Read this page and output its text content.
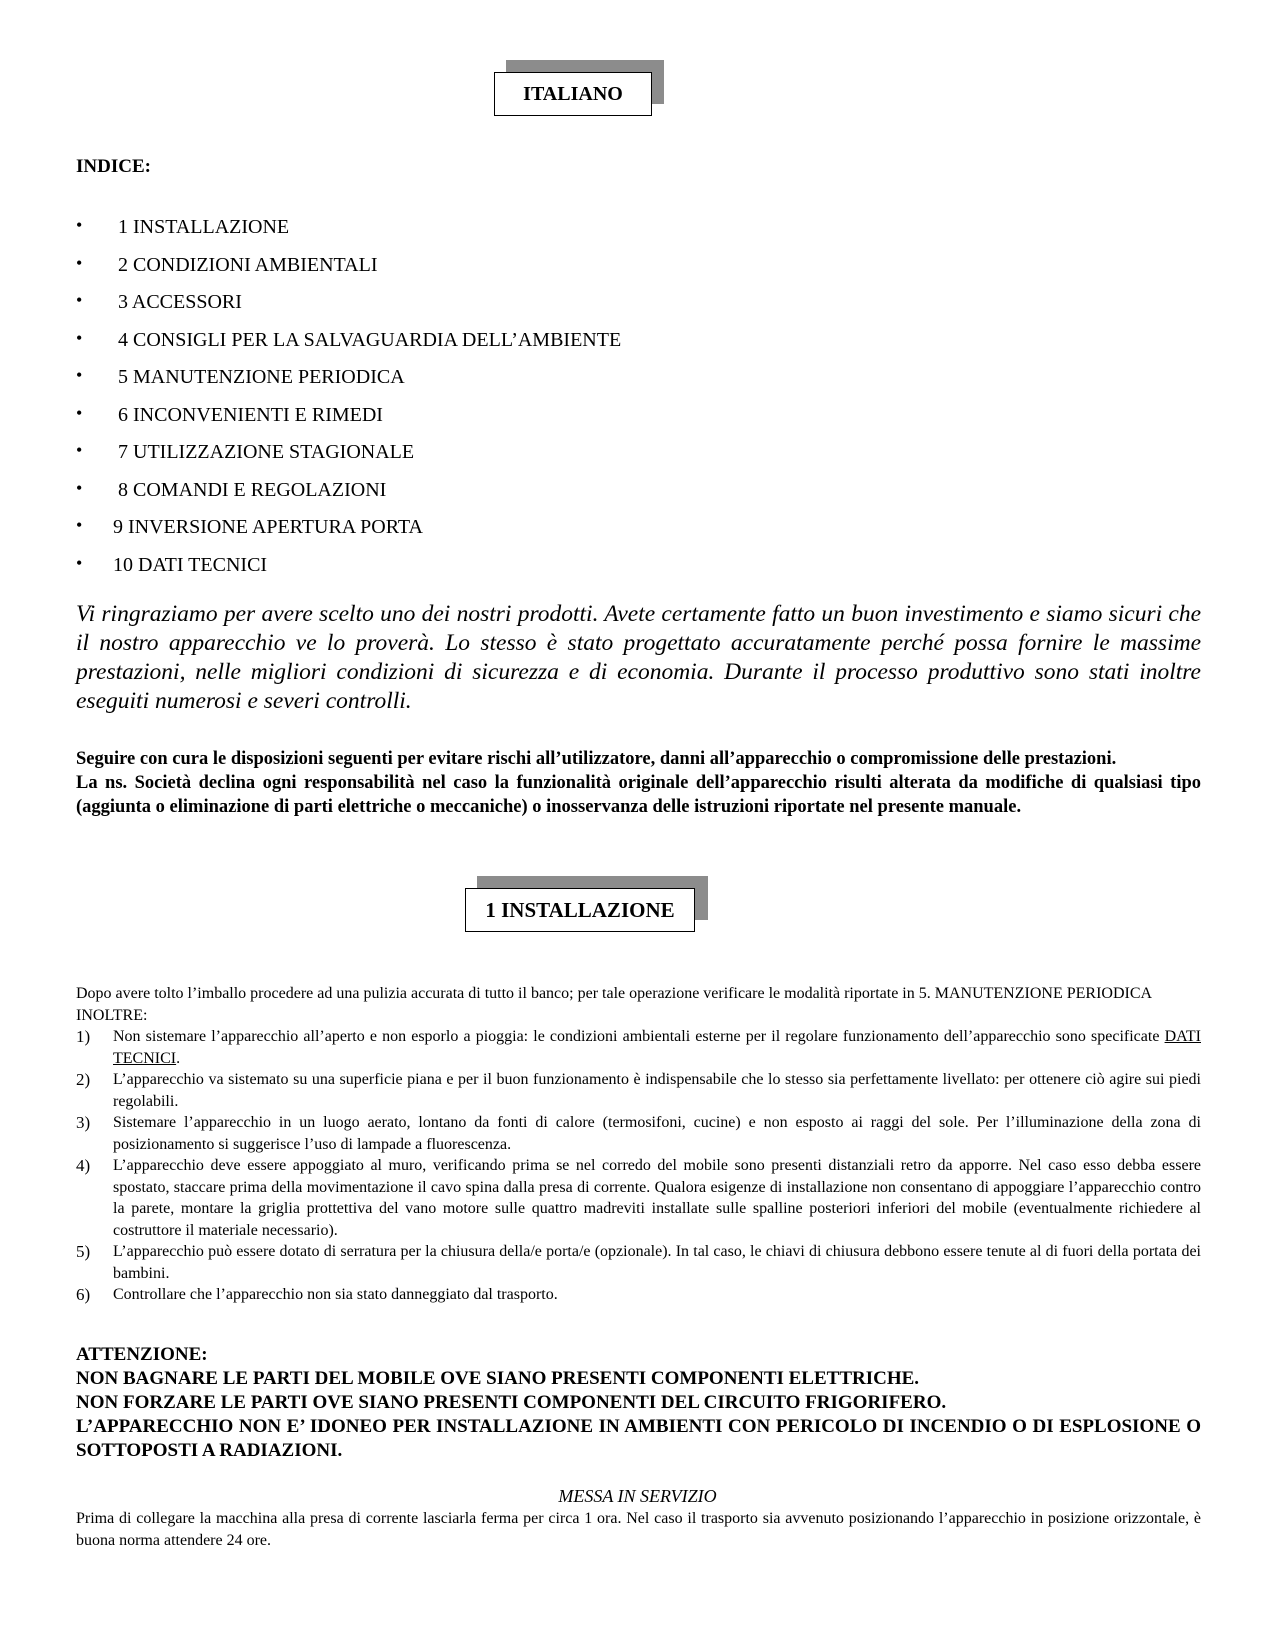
ITALIANO
INDICE:
• 1 INSTALLAZIONE
• 2 CONDIZIONI AMBIENTALI
• 3 ACCESSORI
• 4 CONSIGLI PER LA SALVAGUARDIA DELL’AMBIENTE
• 5 MANUTENZIONE PERIODICA
• 6 INCONVENIENTI E RIMEDI
• 7 UTILIZZAZIONE STAGIONALE
• 8 COMANDI E REGOLAZIONI
• 9 INVERSIONE APERTURA PORTA
• 10 DATI TECNICI
Vi ringraziamo per avere scelto uno dei nostri prodotti. Avete certamente fatto un buon investimento e siamo sicuri che il nostro apparecchio ve lo proverà. Lo stesso è stato progettato accuratamente perché possa fornire le massime prestazioni, nelle migliori condizioni di sicurezza e di economia. Durante il processo produttivo sono stati inoltre eseguiti numerosi e severi controlli.
Seguire con cura le disposizioni seguenti per evitare rischi all’utilizzatore, danni all’apparecchio o compromissione delle prestazioni.
La ns. Società declina ogni responsabilità nel caso la funzionalità originale dell’apparecchio risulti alterata da modifiche di qualsiasi tipo (aggiunta o eliminazione di parti elettriche o meccaniche) o inosservanza delle istruzioni riportate nel presente manuale.
1 INSTALLAZIONE

Dopo avere tolto l’imballo procedere ad una pulizia accurata di tutto il banco; per tale operazione verificare le modalità riportate in 5. MANUTENZIONE PERIODICA

INOLTRE:

1) Non sistemare l’apparecchio all’aperto e non esporlo a pioggia: le condizioni ambientali esterne per il regolare funzionamento dell’apparecchio sono specificate DATI TECNICI.
2) L’apparecchio va sistemato su una superficie piana e per il buon funzionamento è indispensabile che lo stesso sia perfettamente livellato: per ottenere ciò agire sui piedi regolabili.
3) Sistemare l’apparecchio in un luogo aerato, lontano da fonti di calore (termosifoni, cucine) e non esposto ai raggi del sole. Per l’illuminazione della zona di posizionamento si suggerisce l’uso di lampade a fluorescenza.
4) L’apparecchio deve essere appoggiato al muro, verificando prima se nel corredo del mobile sono presenti distanziali retro da apporre. Nel caso esso debba essere spostato, staccare prima della movimentazione il cavo spina dalla presa di corrente. Qualora esigenze di installazione non consentano di appoggiare l’apparecchio contro la parete, montare la griglia prottettiva del vano motore sulle quattro madreviti installate sulle spalline posteriori inferiori del mobile (eventualmente richiedere al costruttore il materiale necessario).
5) L’apparecchio può essere dotato di serratura per la chiusura della/e porta/e (opzionale). In tal caso, le chiavi di chiusura debbono essere tenute al di fuori della portata dei bambini.
6) Controllare che l’apparecchio non sia stato danneggiato dal trasporto.

ATTENZIONE:

NON BAGNARE LE PARTI DEL MOBILE OVE SIANO PRESENTI COMPONENTI ELETTRICHE.

NON FORZARE LE PARTI OVE SIANO PRESENTI COMPONENTI DEL CIRCUITO FRIGORIFERO.

L’APPARECCHIO NON E’ IDONEO PER INSTALLAZIONE IN AMBIENTI CON PERICOLO DI INCENDIO O DI ESPLOSIONE O SOTTOPOSTI A RADIAZIONI.

MESSA IN SERVIZIO
Prima di collegare la macchina alla presa di corrente lasciarla ferma per circa 1 ora. Nel caso il trasporto sia avvenuto posizionando l’apparecchio in posizione orizzontale, è buona norma attendere 24 ore.
